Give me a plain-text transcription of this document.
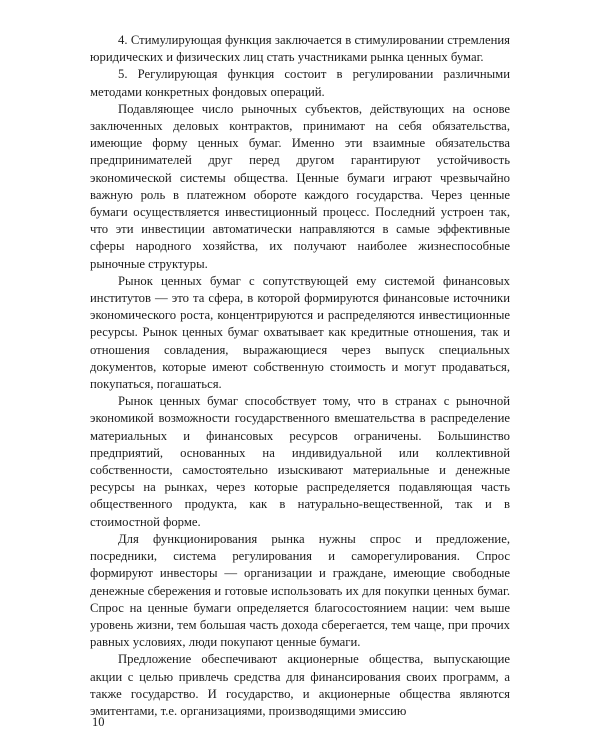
4. Стимулирующая функция заключается в стимулировании стремления юридических и физических лиц стать участниками рынка ценных бумаг.

5. Регулирующая функция состоит в регулировании различными методами конкретных фондовых операций.

Подавляющее число рыночных субъектов, действующих на основе заключенных деловых контрактов, принимают на себя обязательства, имеющие форму ценных бумаг. Именно эти взаимные обязательства предпринимателей друг перед другом гарантируют устойчивость экономической системы общества. Ценные бумаги играют чрезвычайно важную роль в платежном обороте каждого государства. Через ценные бумаги осуществляется инвестиционный процесс. Последний устроен так, что эти инвестиции автоматически направляются в самые эффективные сферы народного хозяйства, их получают наиболее жизнеспособные рыночные структуры.

Рынок ценных бумаг с сопутствующей ему системой финансовых институтов — это та сфера, в которой формируются финансовые источники экономического роста, концентрируются и распределяются инвестиционные ресурсы. Рынок ценных бумаг охватывает как кредитные отношения, так и отношения совладения, выражающиеся через выпуск специальных документов, которые имеют собственную стоимость и могут продаваться, покупаться, погашаться.

Рынок ценных бумаг способствует тому, что в странах с рыночной экономикой возможности государственного вмешательства в распределение материальных и финансовых ресурсов ограничены. Большинство предприятий, основанных на индивидуальной или коллективной собственности, самостоятельно изыскивают материальные и денежные ресурсы на рынках, через которые распределяется подавляющая часть общественного продукта, как в натурально-вещественной, так и в стоимостной форме.

Для функционирования рынка нужны спрос и предложение, посредники, система регулирования и саморегулирования. Спрос формируют инвесторы — организации и граждане, имеющие свободные денежные сбережения и готовые использовать их для покупки ценных бумаг. Спрос на ценные бумаги определяется благосостоянием нации: чем выше уровень жизни, тем большая часть дохода сберегается, тем чаще, при прочих равных условиях, люди покупают ценные бумаги.

Предложение обеспечивают акционерные общества, выпускающие акции с целью привлечь средства для финансирования своих программ, а также государство. И государство, и акционерные общества являются эмитентами, т.е. организациями, производящими эмиссию

10
